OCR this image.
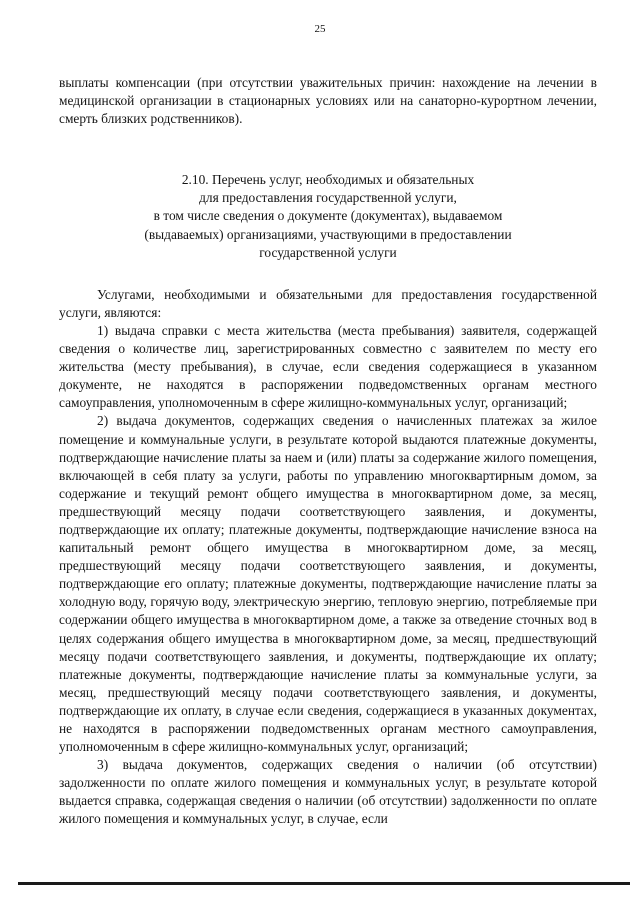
25

выплаты компенсации (при отсутствии уважительных причин: нахождение на лечении в медицинской организации в стационарных условиях или на санаторно-курортном лечении, смерть близких родственников).

2.10. Перечень услуг, необходимых и обязательных
для предоставления государственной услуги,
в том числе сведения о документе (документах), выдаваемом
(выдаваемых) организациями, участвующими в предоставлении
государственной услуги

Услугами, необходимыми и обязательными для предоставления государственной услуги, являются:

1) выдача справки с места жительства (места пребывания) заявителя, содержащей сведения о количестве лиц, зарегистрированных совместно с заявителем по месту его жительства (месту пребывания), в случае, если сведения содержащиеся в указанном документе, не находятся в распоряжении подведомственных органам местного самоуправления, уполномоченным в сфере жилищно-коммунальных услуг, организаций;

2) выдача документов, содержащих сведения о начисленных платежах за жилое помещение и коммунальные услуги, в результате которой выдаются платежные документы, подтверждающие начисление платы за наем и (или) платы за содержание жилого помещения, включающей в себя плату за услуги, работы по управлению многоквартирным домом, за содержание и текущий ремонт общего имущества в многоквартирном доме, за месяц, предшествующий месяцу подачи соответствующего заявления, и документы, подтверждающие их оплату; платежные документы, подтверждающие начисление взноса на капитальный ремонт общего имущества в многоквартирном доме, за месяц, предшествующий месяцу подачи соответствующего заявления, и документы, подтверждающие его оплату; платежные документы, подтверждающие начисление платы за холодную воду, горячую воду, электрическую энергию, тепловую энергию, потребляемые при содержании общего имущества в многоквартирном доме, а также за отведение сточных вод в целях содержания общего имущества в многоквартирном доме, за месяц, предшествующий месяцу подачи соответствующего заявления, и документы, подтверждающие их оплату; платежные документы, подтверждающие начисление платы за коммунальные услуги, за месяц, предшествующий месяцу подачи соответствующего заявления, и документы, подтверждающие их оплату, в случае если сведения, содержащиеся в указанных документах, не находятся в распоряжении подведомственных органам местного самоуправления, уполномоченным в сфере жилищно-коммунальных услуг, организаций;

3) выдача документов, содержащих сведения о наличии (об отсутствии) задолженности по оплате жилого помещения и коммунальных услуг, в результате которой выдается справка, содержащая сведения о наличии (об отсутствии) задолженности по оплате жилого помещения и коммунальных услуг, в случае, если
